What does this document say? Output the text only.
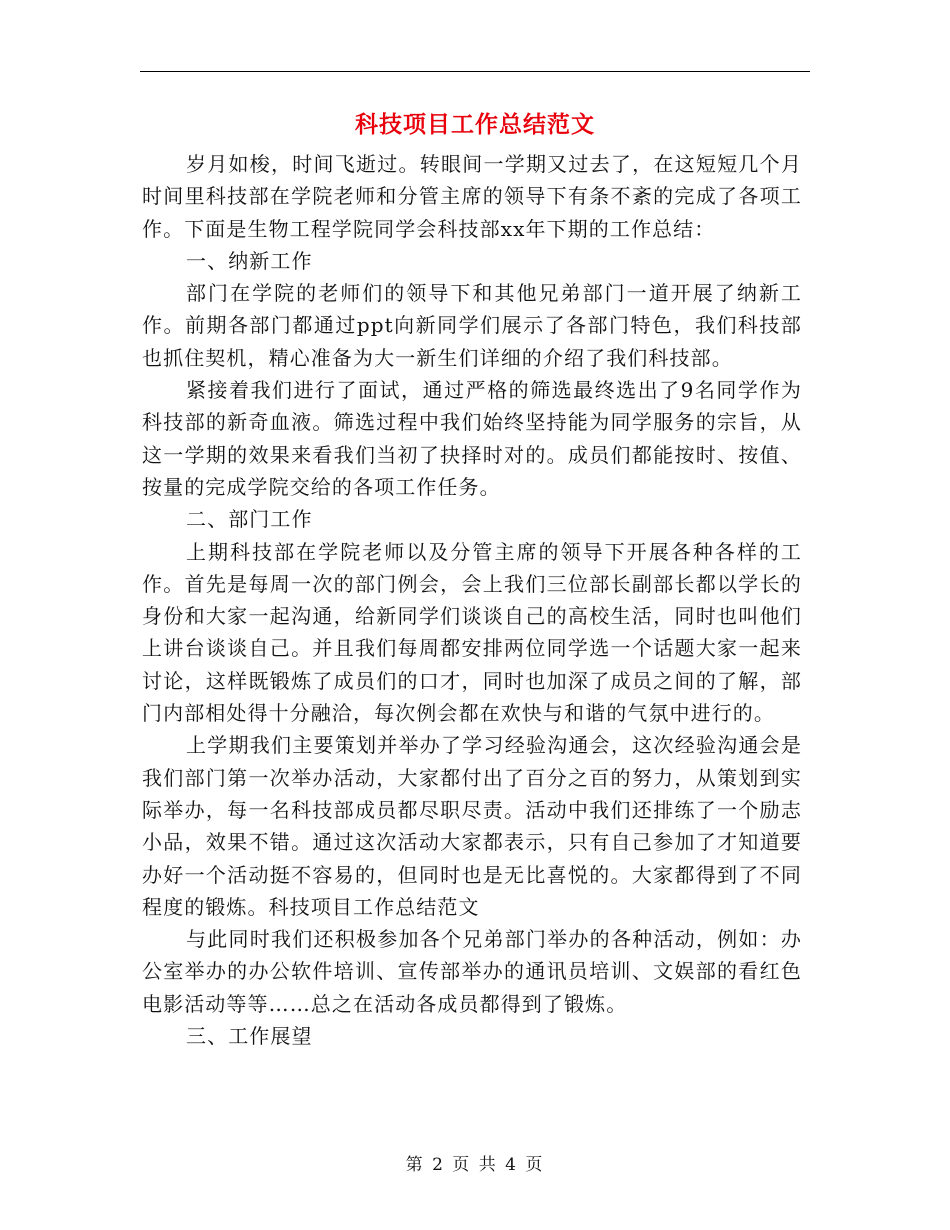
科技项目工作总结范文

岁月如梭，时间飞逝过。转眼间一学期又过去了，在这短短几个月时间里科技部在学院老师和分管主席的领导下有条不紊的完成了各项工作。下面是生物工程学院同学会科技部xx年下期的工作总结：

一、纳新工作

部门在学院的老师们的领导下和其他兄弟部门一道开展了纳新工作。前期各部门都通过ppt向新同学们展示了各部门特色，我们科技部也抓住契机，精心准备为大一新生们详细的介绍了我们科技部。

紧接着我们进行了面试，通过严格的筛选最终选出了9名同学作为科技部的新奇血液。筛选过程中我们始终坚持能为同学服务的宗旨，从这一学期的效果来看我们当初了抉择时对的。成员们都能按时、按值、按量的完成学院交给的各项工作任务。

二、部门工作

上期科技部在学院老师以及分管主席的领导下开展各种各样的工作。首先是每周一次的部门例会，会上我们三位部长副部长都以学长的身份和大家一起沟通，给新同学们谈谈自己的高校生活，同时也叫他们上讲台谈谈自己。并且我们每周都安排两位同学选一个话题大家一起来讨论，这样既锻炼了成员们的口才，同时也加深了成员之间的了解，部门内部相处得十分融洽，每次例会都在欢快与和谐的气氛中进行的。

上学期我们主要策划并举办了学习经验沟通会，这次经验沟通会是我们部门第一次举办活动，大家都付出了百分之百的努力，从策划到实际举办，每一名科技部成员都尽职尽责。活动中我们还排练了一个励志小品，效果不错。通过这次活动大家都表示，只有自己参加了才知道要办好一个活动挺不容易的，但同时也是无比喜悦的。大家都得到了不同程度的锻炼。科技项目工作总结范文

与此同时我们还积极参加各个兄弟部门举办的各种活动，例如：办公室举办的办公软件培训、宣传部举办的通讯员培训、文娱部的看红色电影活动等等……总之在活动各成员都得到了锻炼。

三、工作展望

第 2 页 共 4 页
